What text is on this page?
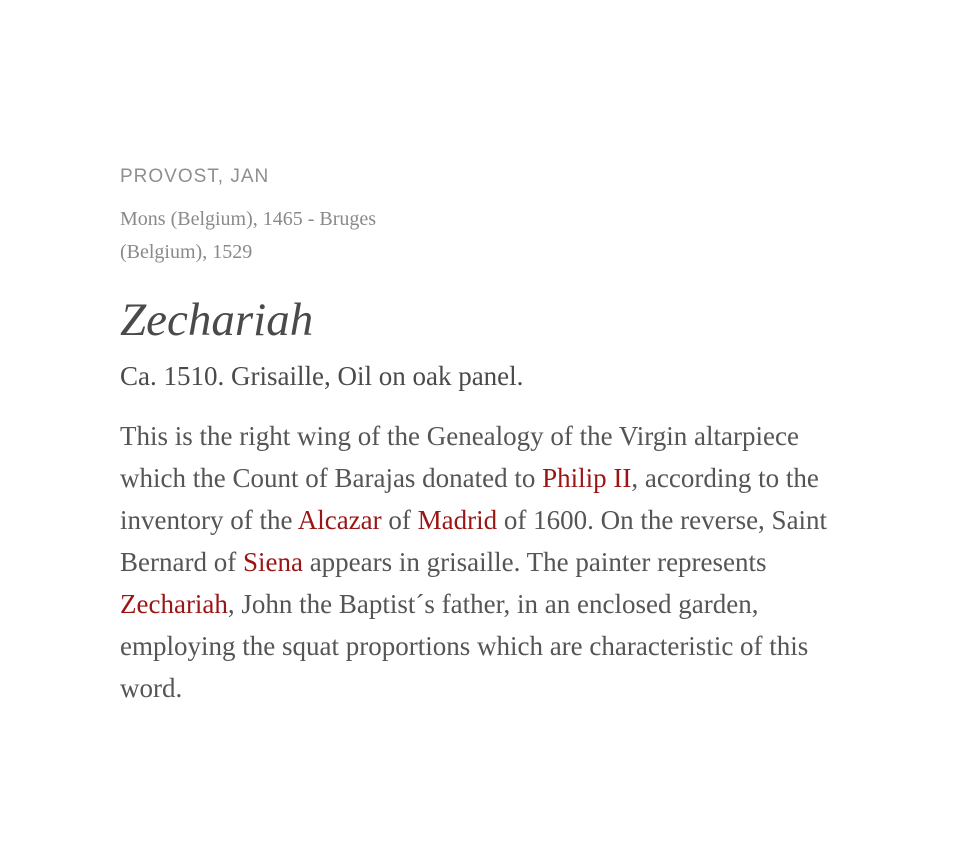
PROVOST, JAN

Mons (Belgium), 1465 - Bruges (Belgium), 1529

Zechariah

Ca. 1510. Grisaille, Oil on oak panel.

This is the right wing of the Genealogy of the Virgin altarpiece which the Count of Barajas donated to Philip II, according to the inventory of the Alcazar of Madrid of 1600. On the reverse, Saint Bernard of Siena appears in grisaille. The painter represents Zechariah, John the Baptist´s father, in an enclosed garden, employing the squat proportions which are characteristic of this word.
